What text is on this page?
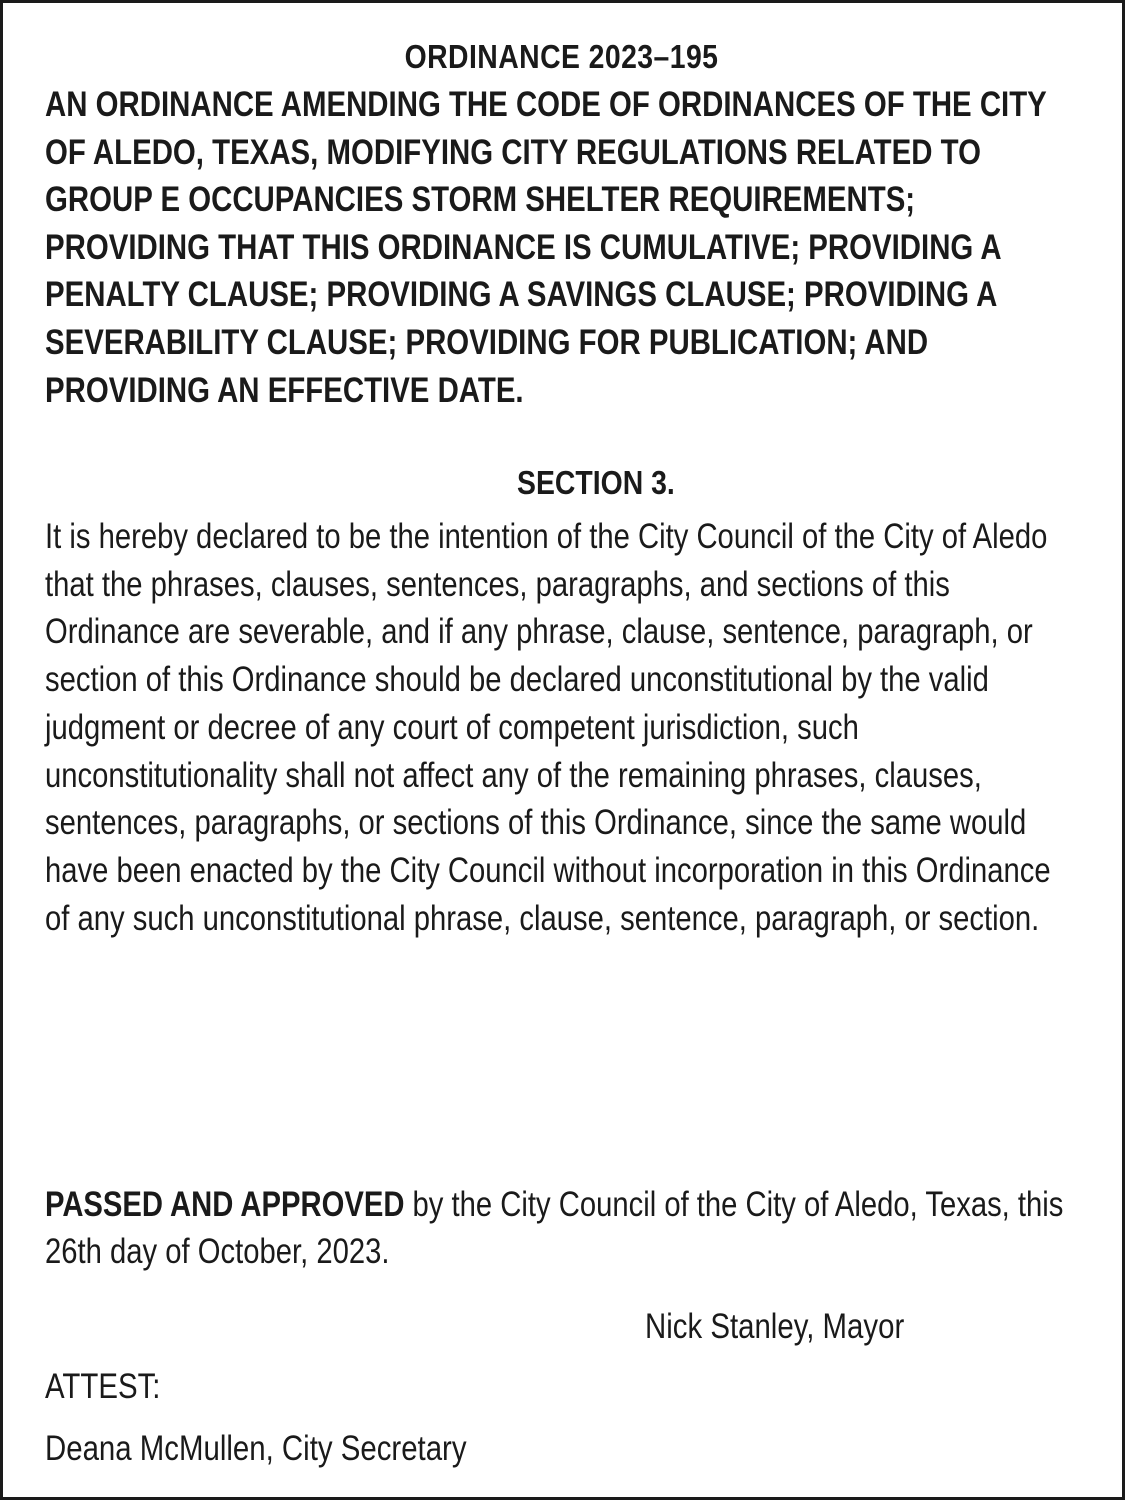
ORDINANCE 2023–195

AN ORDINANCE AMENDING THE CODE OF ORDINANCES OF THE CITY OF ALEDO, TEXAS, MODIFYING CITY REGULATIONS RELATED TO GROUP E OCCUPANCIES STORM SHELTER REQUIREMENTS; PROVIDING THAT THIS ORDINANCE IS CUMULATIVE; PROVIDING A PENALTY CLAUSE; PROVIDING A SAVINGS CLAUSE; PROVIDING A SEVERABILITY CLAUSE; PROVIDING FOR PUBLICATION; AND PROVIDING AN EFFECTIVE DATE.

SECTION 3.

It is hereby declared to be the intention of the City Council of the City of Aledo that the phrases, clauses, sentences, paragraphs, and sections of this Ordinance are severable, and if any phrase, clause, sentence, paragraph, or section of this Ordinance should be declared unconstitutional by the valid judgment or decree of any court of competent jurisdiction, such unconstitutionality shall not affect any of the remaining phrases, clauses, sentences, paragraphs, or sections of this Ordinance, since the same would have been enacted by the City Council without incorporation in this Ordinance of any such unconstitutional phrase, clause, sentence, paragraph, or section.

PASSED AND APPROVED by the City Council of the City of Aledo, Texas, this 26th day of October, 2023.

Nick Stanley, Mayor
ATTEST:
Deana McMullen, City Secretary
